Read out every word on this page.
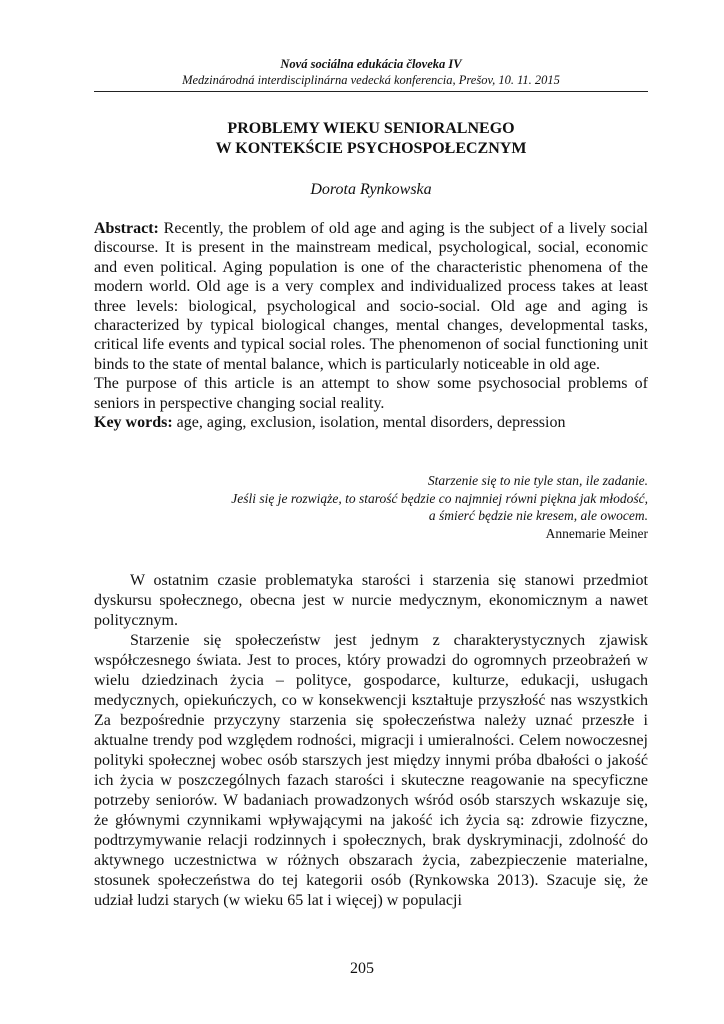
Nová sociálna edukácia človeka IV
Medzinárodná interdisciplinárna vedecká konferencia, Prešov, 10. 11. 2015
PROBLEMY WIEKU SENIORALNEGO
W KONTEKŚCIE PSYCHOSPOŁECZNYM
Dorota Rynkowska

Abstract: Recently, the problem of old age and aging is the subject of a lively social discourse. It is present in the mainstream medical, psychological, social, economic and even political. Aging population is one of the characteristic phenomena of the modern world. Old age is a very complex and individualized process takes at least three levels: biological, psychological and socio-social. Old age and aging is characterized by typical biological changes, mental changes, developmental tasks, critical life events and typical social roles. The phenomenon of social functioning unit binds to the state of mental balance, which is particularly noticeable in old age.

The purpose of this article is an attempt to show some psychosocial problems of seniors in perspective changing social reality.

Key words: age, aging, exclusion, isolation, mental disorders, depression

Starzenie się to nie tyle stan, ile zadanie.
Jeśli się je rozwiąże, to starość będzie co najmniej równi piękna jak młodość,
a śmierć będzie nie kresem, ale owocem.
Annemarie Meiner

W ostatnim czasie problematyka starości i starzenia się stanowi przedmiot dyskursu społecznego, obecna jest w nurcie medycznym, ekonomicznym a nawet politycznym.

Starzenie się społeczeństw jest jednym z charakterystycznych zjawisk współczesnego świata. Jest to proces, który prowadzi do ogromnych przeobrażeń w wielu dziedzinach życia – polityce, gospodarce, kulturze, edukacji, usługach medycznych, opiekuńczych, co w konsekwencji kształtuje przyszłość nas wszystkich Za bezpośrednie przyczyny starzenia się społeczeństwa należy uznać przeszłe i aktualne trendy pod względem rodności, migracji i umieralności. Celem nowoczesnej polityki społecznej wobec osób starszych jest między innymi próba dbałości o jakość ich życia w poszczególnych fazach starości i skuteczne reagowanie na specyficzne potrzeby seniorów. W badaniach prowadzonych wśród osób starszych wskazuje się, że głównymi czynnikami wpływającymi na jakość ich życia są: zdrowie fizyczne, podtrzymywanie relacji rodzinnych i społecznych, brak dyskryminacji, zdolność do aktywnego uczestnictwa w różnych obszarach życia, zabezpieczenie materialne, stosunek społeczeństwa do tej kategorii osób (Rynkowska 2013). Szacuje się, że udział ludzi starych (w wieku 65 lat i więcej) w populacji

205
